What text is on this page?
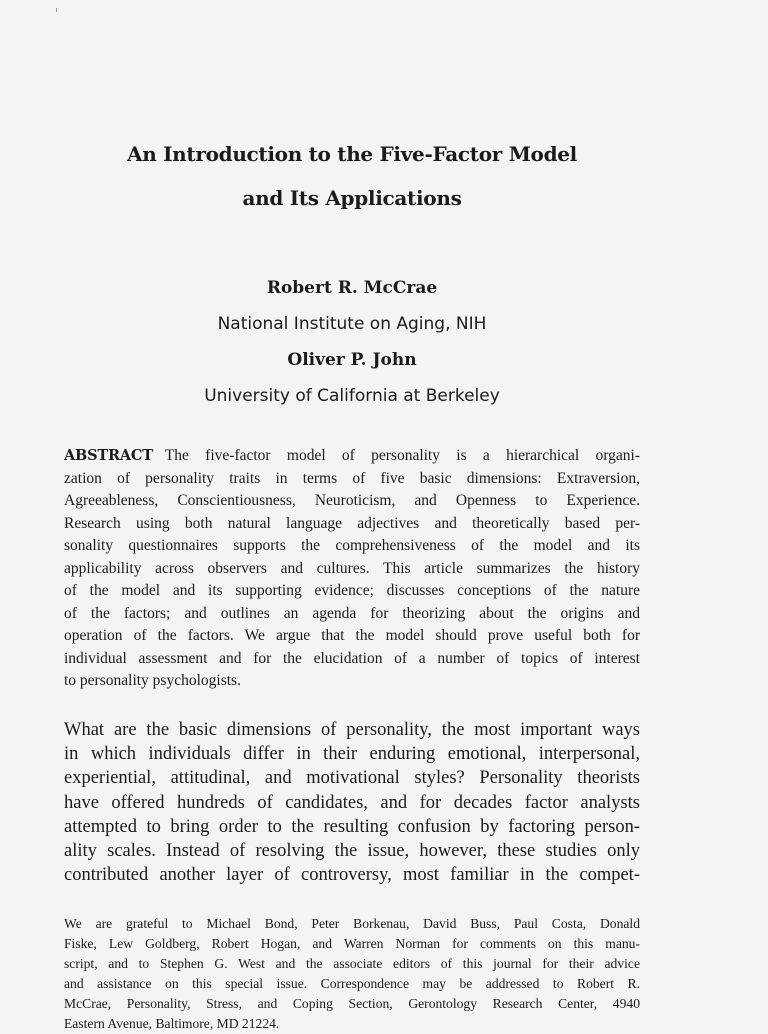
An Introduction to the Five-Factor Model
and Its Applications
Robert R. McCrae
National Institute on Aging, NIH
Oliver P. John
University of California at Berkeley
ABSTRACT The five-factor model of personality is a hierarchical organi-
zation of personality traits in terms of five basic dimensions: Extraversion,
Agreeableness, Conscientiousness, Neuroticism, and Openness to Experience.
Research using both natural language adjectives and theoretically based per-
sonality questionnaires supports the comprehensiveness of the model and its
applicability across observers and cultures. This article summarizes the history
of the model and its supporting evidence; discusses conceptions of the nature
of the factors; and outlines an agenda for theorizing about the origins and
operation of the factors. We argue that the model should prove useful both for
individual assessment and for the elucidation of a number of topics of interest
to personality psychologists.
What are the basic dimensions of personality, the most important ways
in which individuals differ in their enduring emotional, interpersonal,
experiential, attitudinal, and motivational styles? Personality theorists
have offered hundreds of candidates, and for decades factor analysts
attempted to bring order to the resulting confusion by factoring person-
ality scales. Instead of resolving the issue, however, these studies only
contributed another layer of controversy, most familiar in the compet-
We are grateful to Michael Bond, Peter Borkenau, David Buss, Paul Costa, Donald
Fiske, Lew Goldberg, Robert Hogan, and Warren Norman for comments on this manu-
script, and to Stephen G. West and the associate editors of this journal for their advice
and assistance on this special issue. Correspondence may be addressed to Robert R.
McCrae, Personality, Stress, and Coping Section, Gerontology Research Center, 4940
Eastern Avenue, Baltimore, MD 21224.
